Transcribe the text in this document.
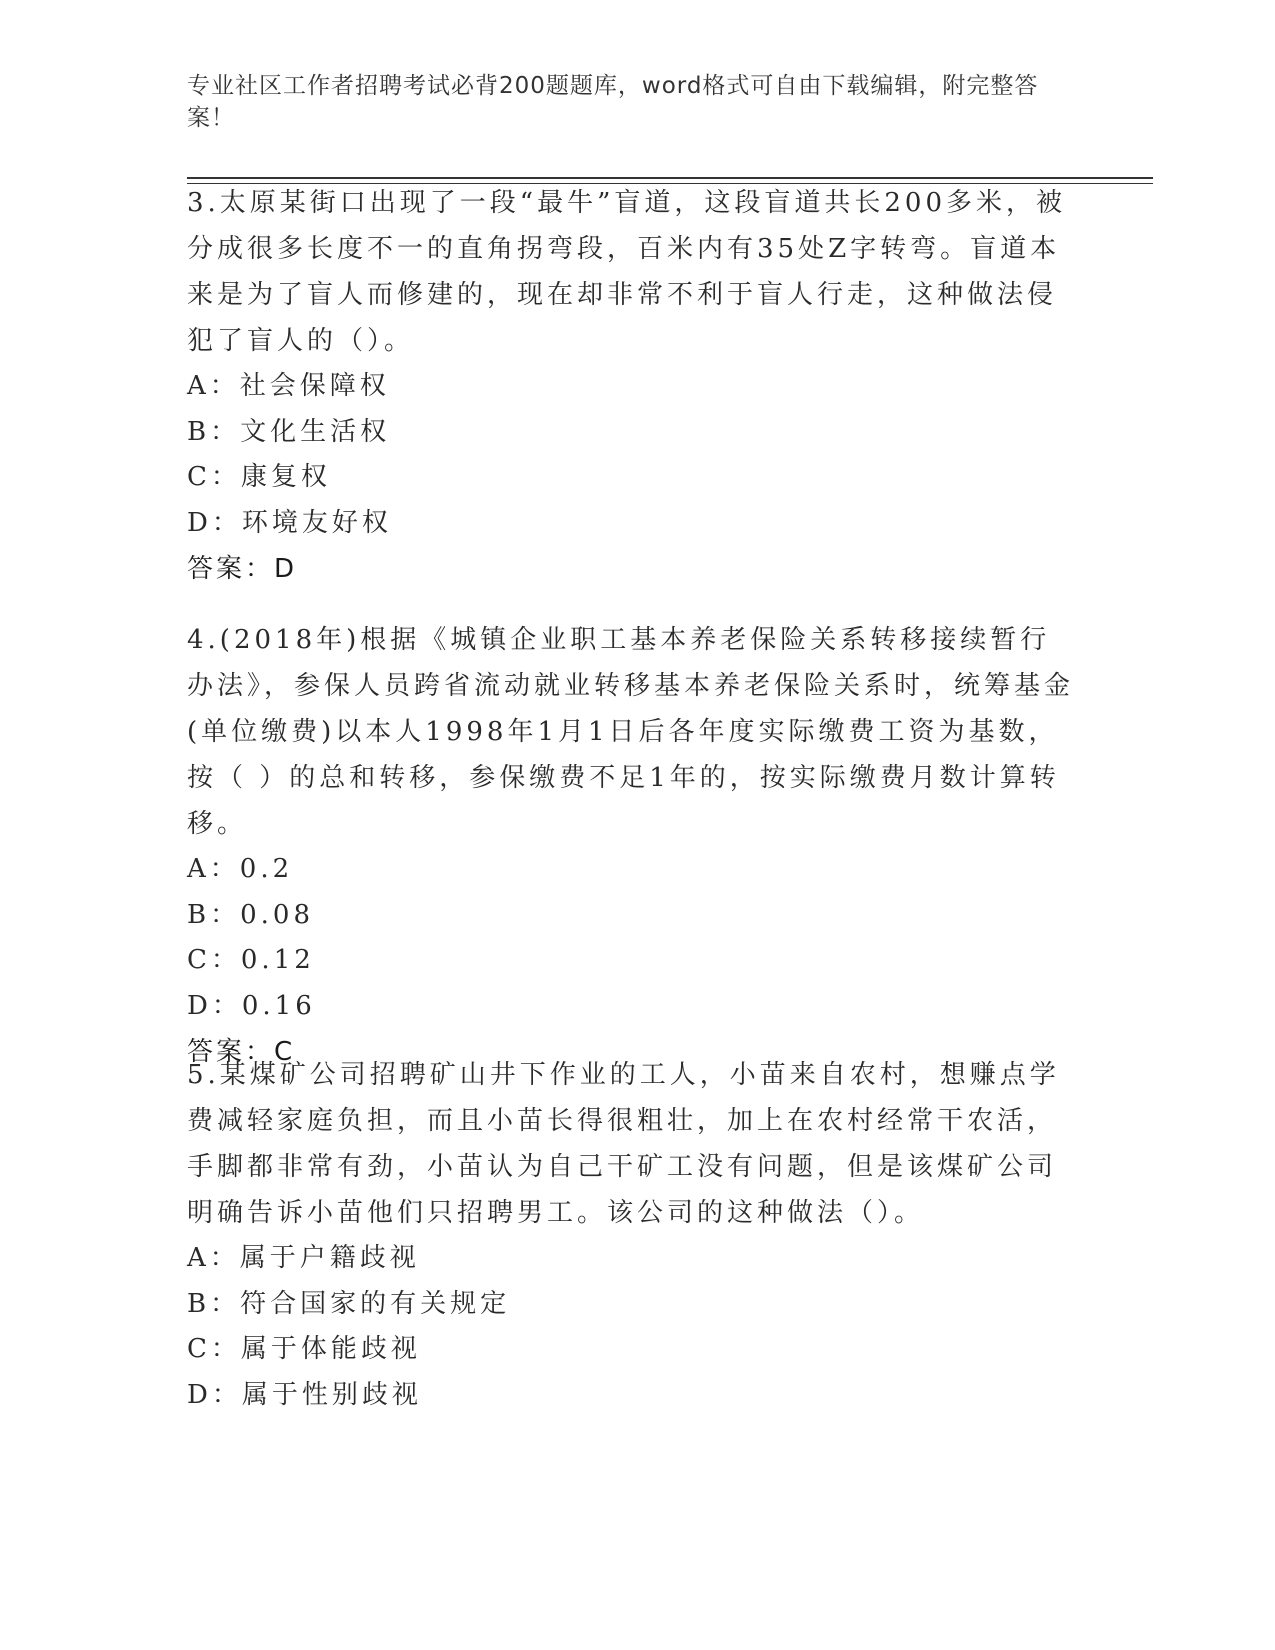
专业社区工作者招聘考试必背200题题库，word格式可自由下载编辑，附完整答案！

3.太原某街口出现了一段“最牛”盲道，这段盲道共长200多米，被分成很多长度不一的直角拐弯段，百米内有35处Z字转弯。盲道本来是为了盲人而修建的，现在却非常不利于盲人行走，这种做法侵犯了盲人的（）。

A：社会保障权

B：文化生活权

C：康复权

D：环境友好权

答案：D

4.(2018年)根据《城镇企业职工基本养老保险关系转移接续暂行办法》，参保人员跨省流动就业转移基本养老保险关系时，统筹基金(单位缴费)以本人1998年1月1日后各年度实际缴费工资为基数，按（ ）的总和转移，参保缴费不足1年的，按实际缴费月数计算转移。

A：0.2

B：0.08

C：0.12

D：0.16

答案：C

5.某煤矿公司招聘矿山井下作业的工人，小苗来自农村，想赚点学费减轻家庭负担，而且小苗长得很粗壮，加上在农村经常干农活，手脚都非常有劲，小苗认为自己干矿工没有问题，但是该煤矿公司明确告诉小苗他们只招聘男工。该公司的这种做法（）。

A：属于户籍歧视

B：符合国家的有关规定

C：属于体能歧视

D：属于性别歧视
